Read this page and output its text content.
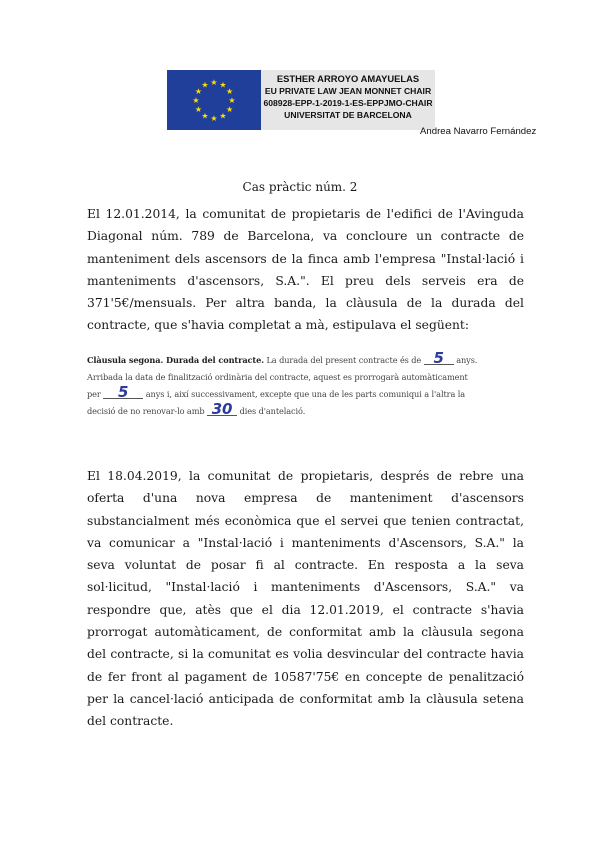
★ ★
★
★
★
★
★
★
★
★
★
★
ESTHER ARROYO AMAYUELAS
EU PRIVATE LAW JEAN MONNET CHAIR
608928-EPP-1-2019-1-ES-EPPJMO-CHAIR
UNIVERSITAT DE BARCELONA
Andrea Navarro Fernández
Cas pràctic núm. 2

El 12.01.2014, la comunitat de propietaris de l'edifici de l'Avinguda Diagonal núm. 789 de Barcelona, va concloure un contracte de manteniment dels ascensors de la finca amb l'empresa "Instal·lació i manteniments d'ascensors, S.A.". El preu dels serveis era de 371'5€/mensuals. Per altra banda, la clàusula de la durada del contracte, que s'havia completat a mà, estipulava el següent:

Clàusula segona. Durada del contracte. La durada del present contracte és de 5 anys.
Arribada la data de finalització ordinària del contracte, aquest es prorrogarà automàticament
per 5 anys i, així successivament, excepte que una de les parts comuniqui a l'altra la
decisió de no renovar-lo amb 30 dies d'antelació.

El 18.04.2019, la comunitat de propietaris, després de rebre una oferta d'una nova empresa de manteniment d'ascensors substancialment més econòmica que el servei que tenien contractat, va comunicar a "Instal·lació i manteniments d'Ascensors, S.A." la seva voluntat de posar fi al contracte. En resposta a la seva sol·licitud, "Instal·lació i manteniments d'Ascensors, S.A." va respondre que, atès que el dia 12.01.2019, el contracte s'havia prorrogat automàticament, de conformitat amb la clàusula segona del contracte, si la comunitat es volia desvincular del contracte havia de fer front al pagament de 10587'75€ en concepte de penalització per la cancel·lació anticipada de conformitat amb la clàusula setena del contracte.
